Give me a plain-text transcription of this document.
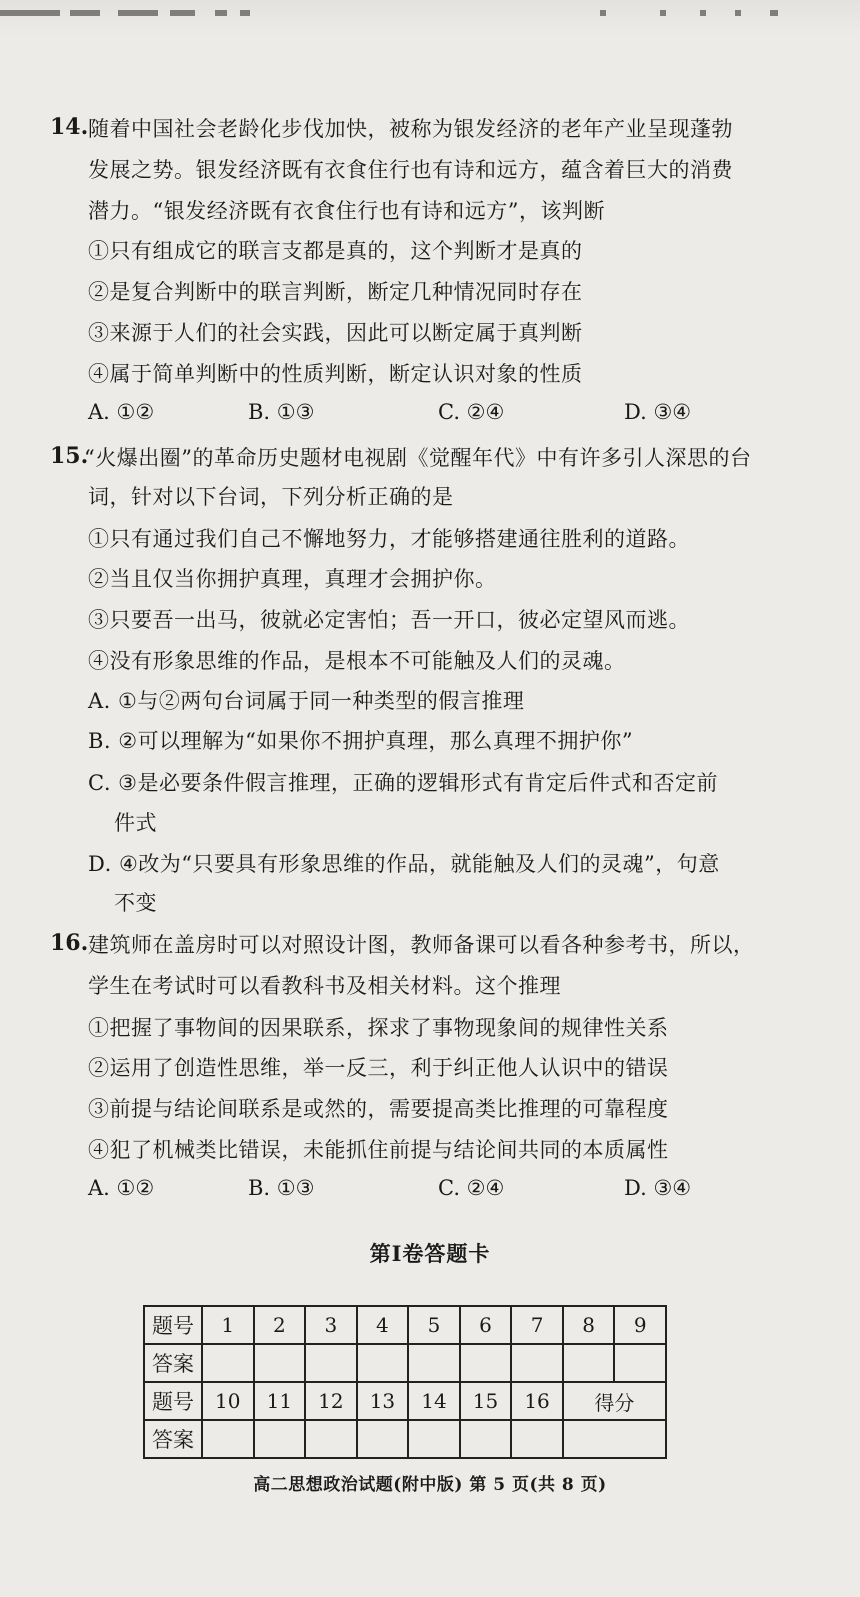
14. 随着中国社会老龄化步伐加快，被称为银发经济的老年产业呈现蓬勃
发展之势。银发经济既有衣食住行也有诗和远方，蕴含着巨大的消费
潜力。“银发经济既有衣食住行也有诗和远方”，该判断
①只有组成它的联言支都是真的，这个判断才是真的
②是复合判断中的联言判断，断定几种情况同时存在
③来源于人们的社会实践，因此可以断定属于真判断
④属于简单判断中的性质判断，断定认识对象的性质
A. ①②	B. ①③	C. ②④	D. ③④
15.
“火爆出圈”的革命历史题材电视剧《觉醒年代》中有许多引人深思的台
词，针对以下台词，下列分析正确的是
①只有通过我们自己不懈地努力，才能够搭建通往胜利的道路。
②当且仅当你拥护真理，真理才会拥护你。
③只要吾一出马，彼就必定害怕；吾一开口，彼必定望风而逃。
④没有形象思维的作品，是根本不可能触及人们的灵魂。
A. ①与②两句台词属于同一种类型的假言推理
B. ②可以理解为“如果你不拥护真理，那么真理不拥护你”
C. ③是必要条件假言推理，正确的逻辑形式有肯定后件式和否定前
件式
D. ④改为“只要具有形象思维的作品，就能触及人们的灵魂”，句意
不变
16. 建筑师在盖房时可以对照设计图，教师备课可以看各种参考书，所以，
学生在考试时可以看教科书及相关材料。这个推理
①把握了事物间的因果联系，探求了事物现象间的规律性关系
②运用了创造性思维，举一反三，利于纠正他人认识中的错误
③前提与结论间联系是或然的，需要提高类比推理的可靠程度
④犯了机械类比错误，未能抓住前提与结论间共同的本质属性
A. ①②	B. ①③	C. ②④	D. ③④
第Ⅰ卷答题卡
题号	1	2	3	4	5	6	7	8	9
答案									
题号	10	11	12	13	14	15	16	得分	
答案									
高二思想政治试题(附中版) 第 5 页(共 8 页)
